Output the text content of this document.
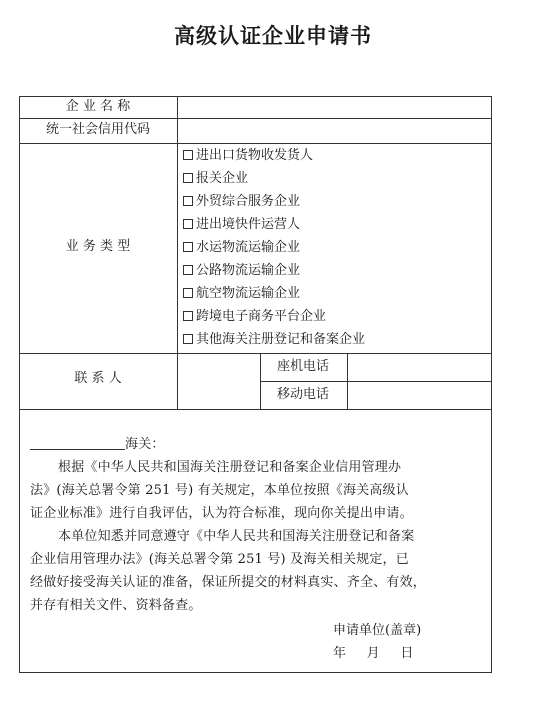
高级认证企业申请书
企 业 名 称
统一社会信用代码
业 务 类 型
联 系 人
座机电话
移动电话
进出口货物收发货人
报关企业
外贸综合服务企业
进出境快件运营人
水运物流运输企业
公路物流运输企业
航空物流运输企业
跨境电子商务平台企业
其他海关注册登记和备案企业
海关：
根据《中华人民共和国海关注册登记和备案企业信用管理办
法》(海关总署令第 251 号) 有关规定，本单位按照《海关高级认
证企业标准》进行自我评估，认为符合标准，现向你关提出申请。
本单位知悉并同意遵守《中华人民共和国海关注册登记和备案
企业信用管理办法》(海关总署令第 251 号) 及海关相关规定，已
经做好接受海关认证的准备，保证所提交的材料真实、齐全、有效，
并存有相关文件、资料备查。
申请单位(盖章)
年     月     日
